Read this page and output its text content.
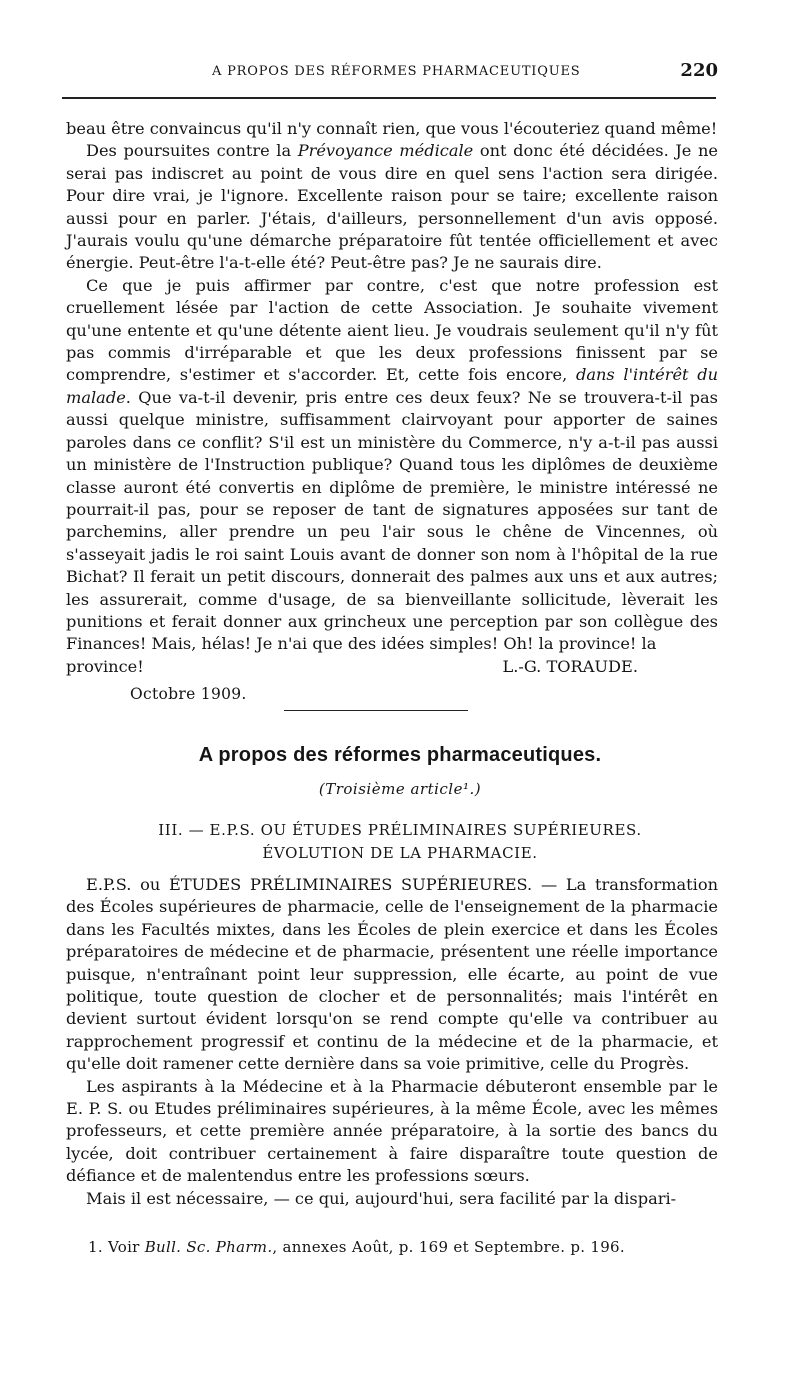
A PROPOS DES RÉFORMES PHARMACEUTIQUES	220

beau être convaincus qu'il n'y connaît rien, que vous l'écouteriez quand même!

Des poursuites contre la Prévoyance médicale ont donc été décidées. Je ne serai pas indiscret au point de vous dire en quel sens l'action sera dirigée. Pour dire vrai, je l'ignore. Excellente raison pour se taire; excellente raison aussi pour en parler. J'étais, d'ailleurs, personnellement d'un avis opposé. J'aurais voulu qu'une démarche préparatoire fût tentée officiellement et avec énergie. Peut-être l'a-t-elle été? Peut-être pas? Je ne saurais dire.

Ce que je puis affirmer par contre, c'est que notre profession est cruellement lésée par l'action de cette Association. Je souhaite vivement qu'une entente et qu'une détente aient lieu. Je voudrais seulement qu'il n'y fût pas commis d'irréparable et que les deux professions finissent par se comprendre, s'estimer et s'accorder. Et, cette fois encore, dans l'intérêt du malade. Que va-t-il devenir, pris entre ces deux feux? Ne se trouvera-t-il pas aussi quelque ministre, suffisamment clairvoyant pour apporter de saines paroles dans ce conflit? S'il est un ministère du Commerce, n'y a-t-il pas aussi un ministère de l'Instruction publique? Quand tous les diplômes de deuxième classe auront été convertis en diplôme de première, le ministre intéressé ne pourrait-il pas, pour se reposer de tant de signatures apposées sur tant de parchemins, aller prendre un peu l'air sous le chêne de Vincennes, où s'asseyait jadis le roi saint Louis avant de donner son nom à l'hôpital de la rue Bichat? Il ferait un petit discours, donnerait des palmes aux uns et aux autres; les assurerait, comme d'usage, de sa bienveillante sollicitude, lèverait les punitions et ferait donner aux grincheux une perception par son collègue des Finances! Mais, hélas! Je n'ai que des idées simples! Oh! la province! la

province!	L.-G. TORAUDE.
Octobre 1909.
A propos des réformes pharmaceutiques.
(Troisième article¹.)
III. — E.P.S. OU ÉTUDES PRÉLIMINAIRES SUPÉRIEURES.
ÉVOLUTION DE LA PHARMACIE.

E.P.S. ou ÉTUDES PRÉLIMINAIRES SUPÉRIEURES. — La transformation des Écoles supérieures de pharmacie, celle de l'enseignement de la pharmacie dans les Facultés mixtes, dans les Écoles de plein exercice et dans les Écoles préparatoires de médecine et de pharmacie, présentent une réelle importance puisque, n'entraînant point leur suppression, elle écarte, au point de vue politique, toute question de clocher et de personnalités; mais l'intérêt en devient surtout évident lorsqu'on se rend compte qu'elle va contribuer au rapprochement progressif et continu de la médecine et de la pharmacie, et qu'elle doit ramener cette dernière dans sa voie primitive, celle du Progrès.

Les aspirants à la Médecine et à la Pharmacie débuteront ensemble par le E. P. S. ou Etudes préliminaires supérieures, à la même École, avec les mêmes professeurs, et cette première année préparatoire, à la sortie des bancs du lycée, doit contribuer certainement à faire disparaître toute question de défiance et de malentendus entre les professions sœurs.

Mais il est nécessaire, — ce qui, aujourd'hui, sera facilité par la dispari-

1. Voir Bull. Sc. Pharm., annexes Août, p. 169 et Septembre. p. 196.
